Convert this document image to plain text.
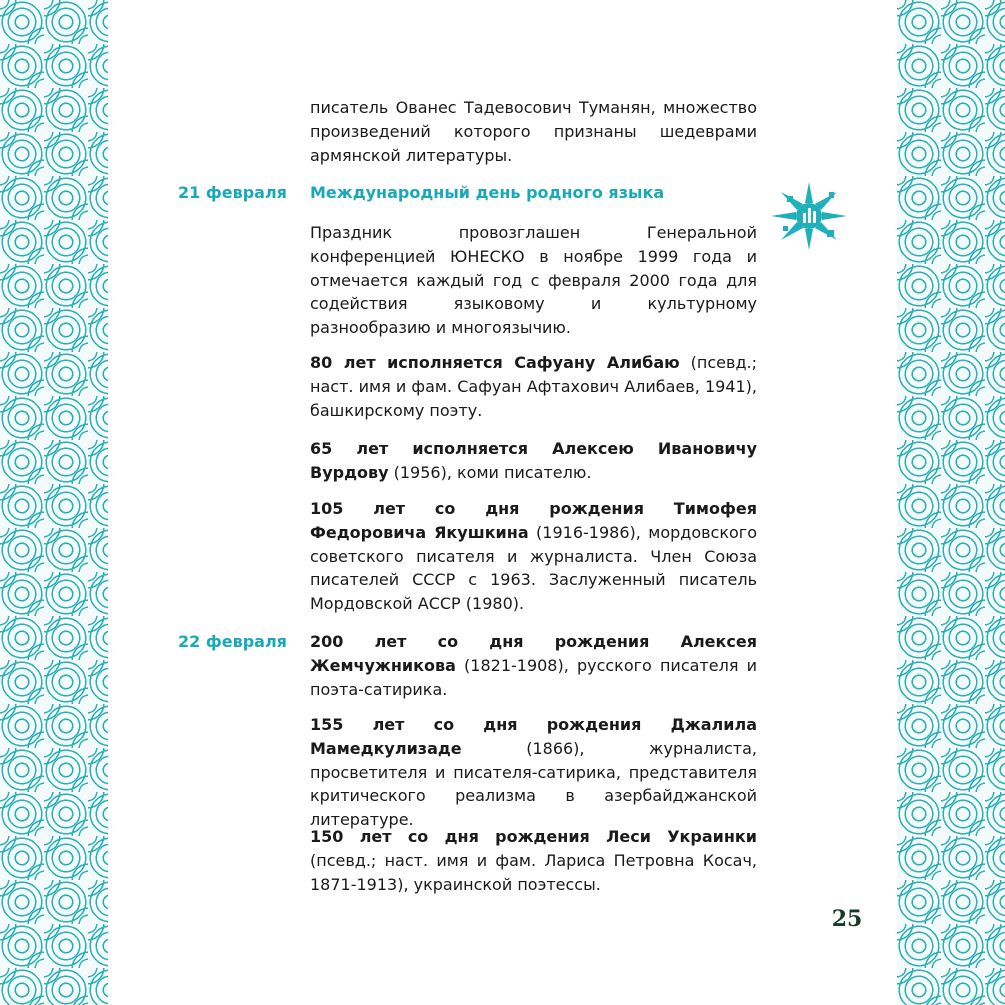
писатель Ованес Тадевосович Туманян, множество произведений которого признаны шедеврами армянской литературы.

21 февраля	Международный день родного языка

Праздник провозглашен Генеральной конференцией ЮНЕСКО в ноябре 1999 года и отмечается каждый год с февраля 2000 года для содействия языковому и культурному разнообразию и многоязычию.

80 лет исполняется Сафуану Алибаю (псевд.; наст. имя и фам. Сафуан Афтахович Алибаев, 1941), башкирскому поэту.

65 лет исполняется Алексею Ивановичу Вурдову (1956), коми писателю.

105 лет со дня рождения Тимофея Федоровича Якушкина (1916-1986), мордовского советского писателя и журналиста. Член Союза писателей СССР с 1963. Заслуженный писатель Мордовской АССР (1980).

22 февраля	200 лет со дня рождения Алексея Жемчужникова (1821-1908), русского писателя и поэта-сатирика.

155 лет со дня рождения Джалила Мамедкулизаде (1866), журналиста, просветителя и писателя-сатирика, представителя критического реализма в азербайджанской литературе.

150 лет со дня рождения Леси Украинки (псевд.; наст. имя и фам. Лариса Петровна Косач, 1871-1913), украинской поэтессы.

25
